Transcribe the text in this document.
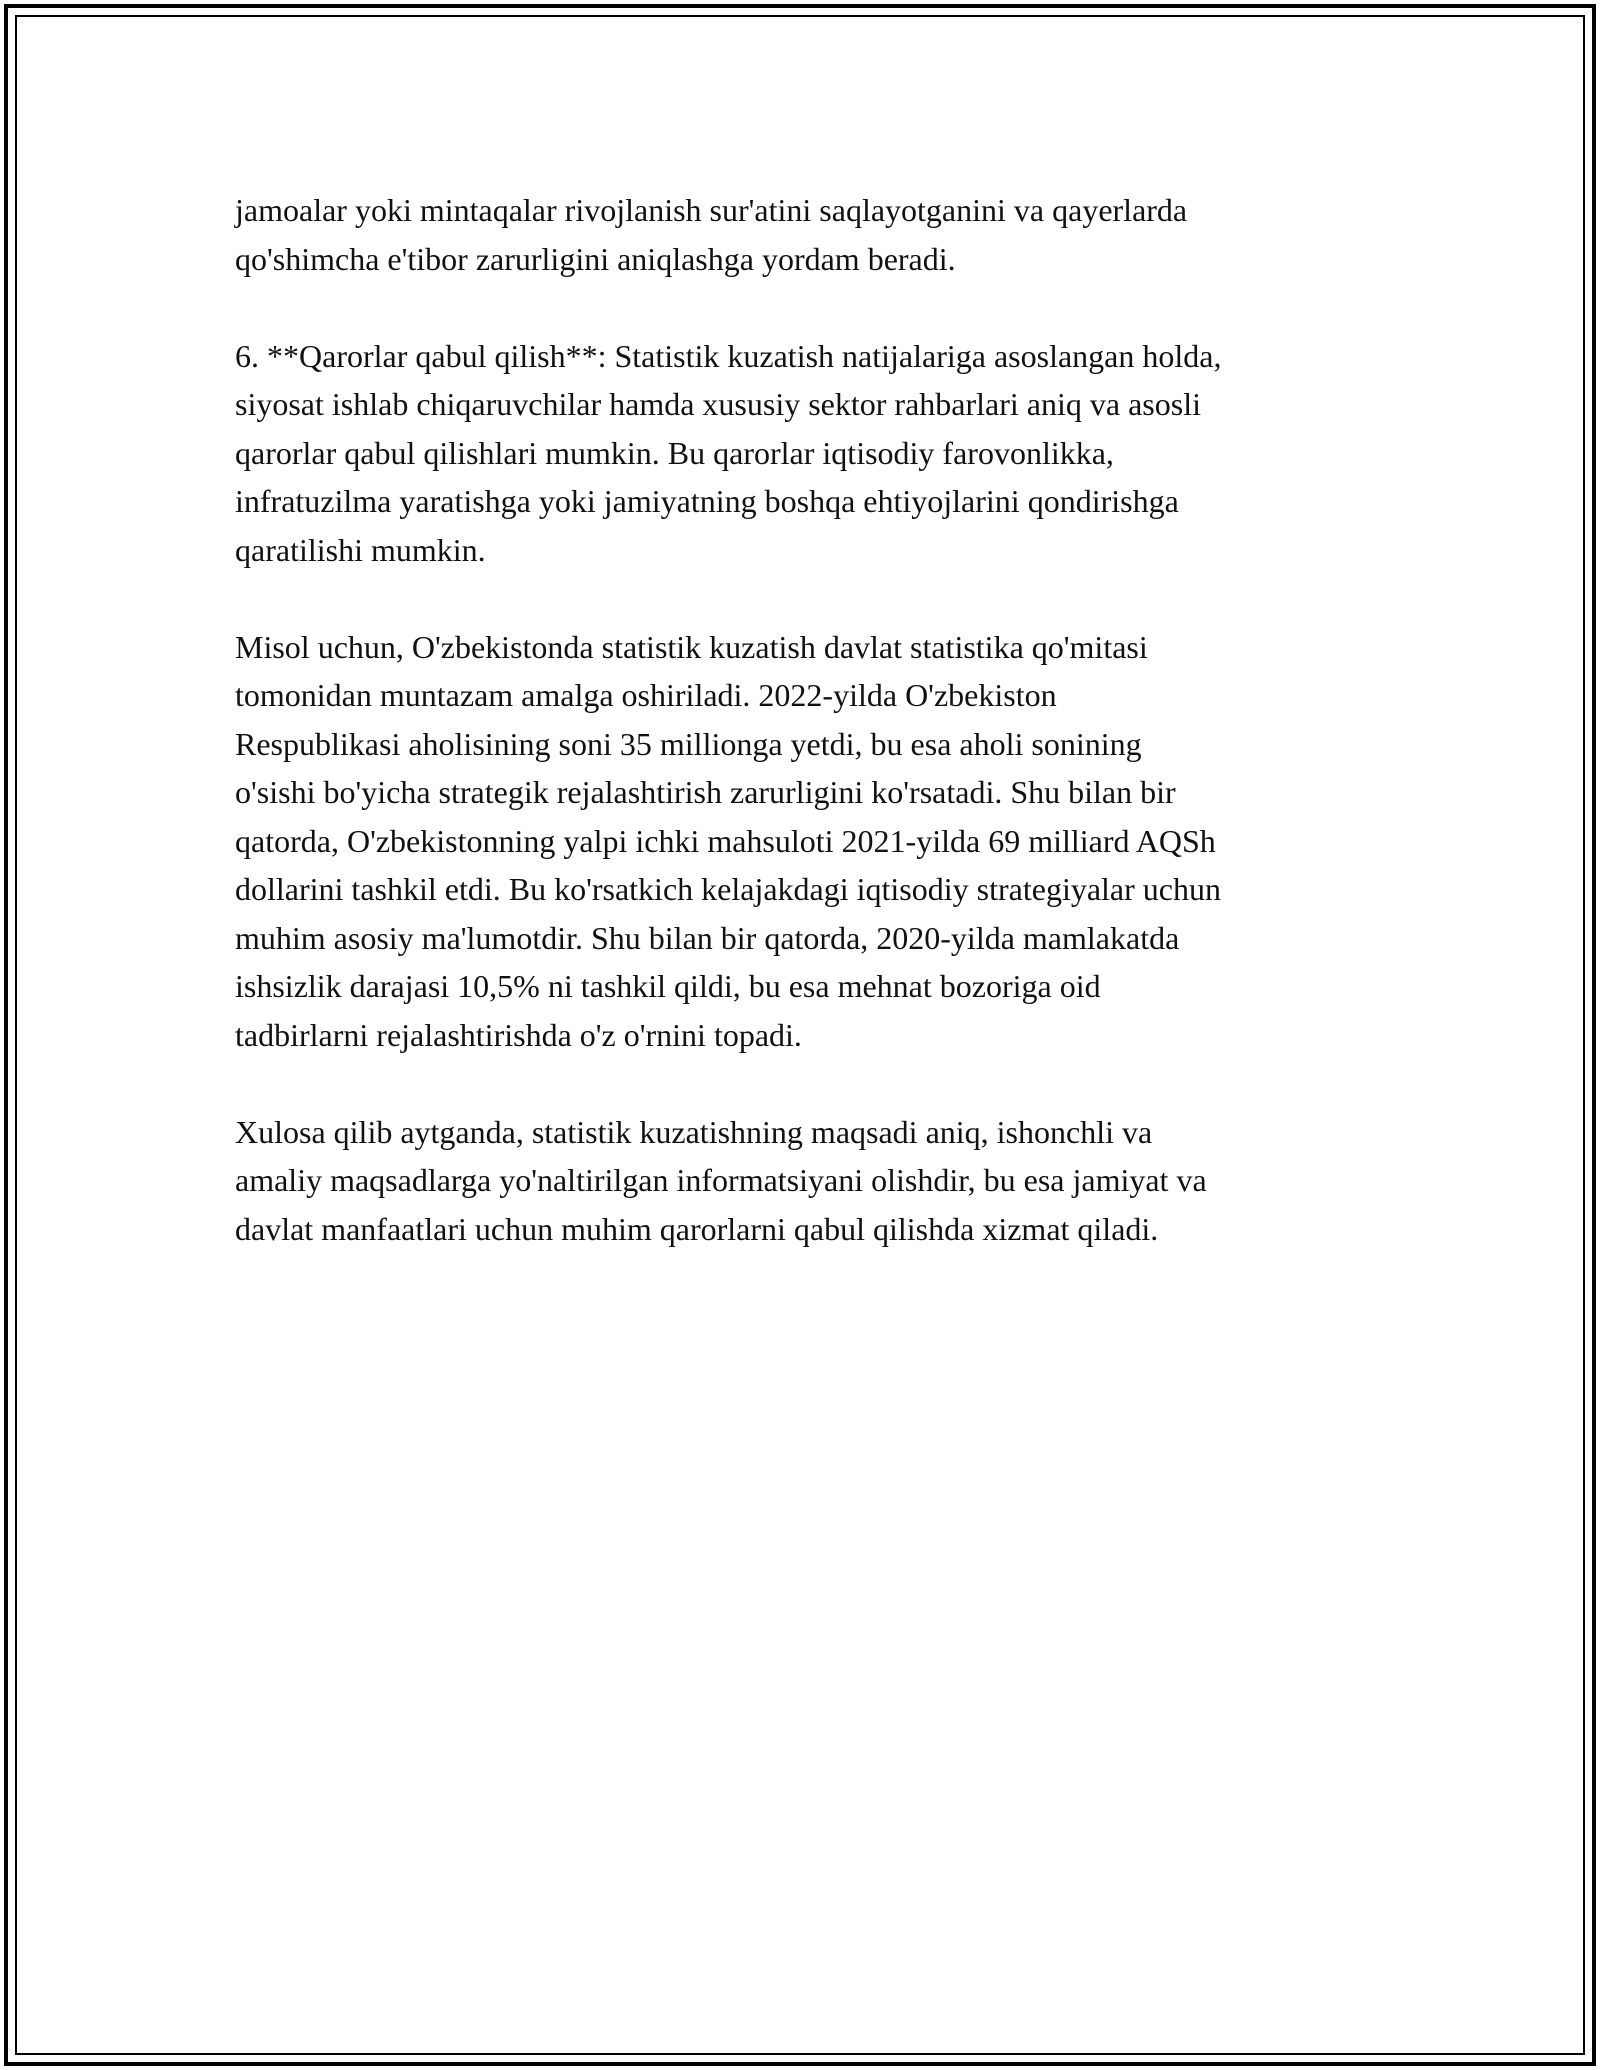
jamoalar yoki mintaqalar rivojlanish sur'atini saqlayotganini va qayerlarda
qo'shimcha e'tibor zarurligini aniqlashga yordam beradi.

6. **Qarorlar qabul qilish**: Statistik kuzatish natijalariga asoslangan holda,
siyosat ishlab chiqaruvchilar hamda xususiy sektor rahbarlari aniq va asosli
qarorlar qabul qilishlari mumkin. Bu qarorlar iqtisodiy farovonlikka,
infratuzilma yaratishga yoki jamiyatning boshqa ehtiyojlarini qondirishga
qaratilishi mumkin.

Misol uchun, O'zbekistonda statistik kuzatish davlat statistika qo'mitasi
tomonidan muntazam amalga oshiriladi. 2022-yilda O'zbekiston
Respublikasi aholisining soni 35 millionga yetdi, bu esa aholi sonining
o'sishi bo'yicha strategik rejalashtirish zarurligini ko'rsatadi. Shu bilan bir
qatorda, O'zbekistonning yalpi ichki mahsuloti 2021-yilda 69 milliard AQSh
dollarini tashkil etdi. Bu ko'rsatkich kelajakdagi iqtisodiy strategiyalar uchun
muhim asosiy ma'lumotdir. Shu bilan bir qatorda, 2020-yilda mamlakatda
ishsizlik darajasi 10,5% ni tashkil qildi, bu esa mehnat bozoriga oid
tadbirlarni rejalashtirishda o'z o'rnini topadi.

Xulosa qilib aytganda, statistik kuzatishning maqsadi aniq, ishonchli va
amaliy maqsadlarga yo'naltirilgan informatsiyani olishdir, bu esa jamiyat va
davlat manfaatlari uchun muhim qarorlarni qabul qilishda xizmat qiladi.
